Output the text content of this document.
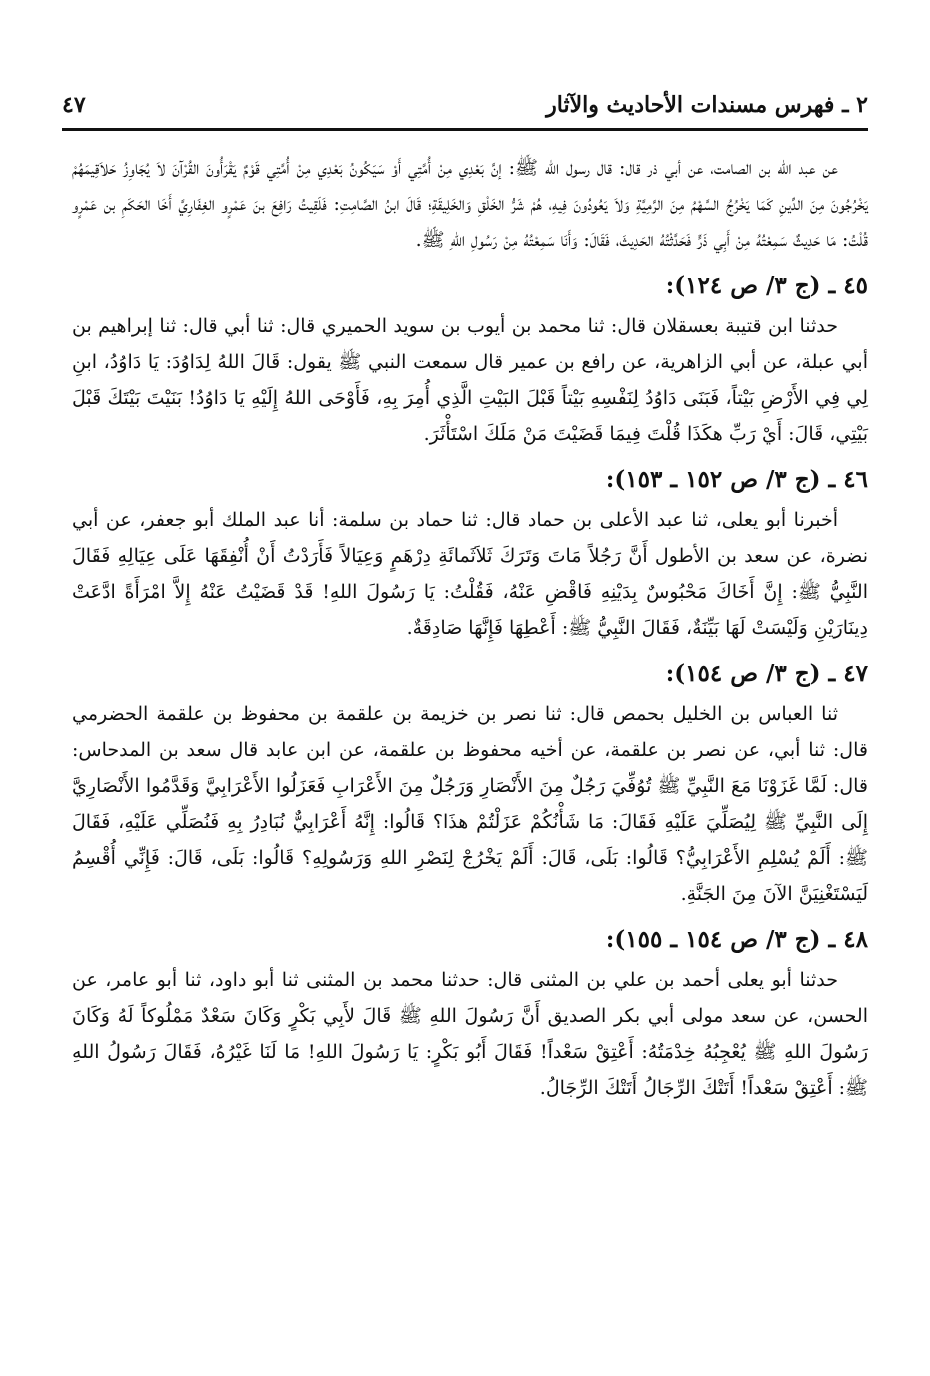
٢ ـ فهرس مسندات الأحاديث والآثار
٤٧

عن عبد الله بن الصامت، عن أبي ذر قال: قال رسول الله ﷺ: إنَّ بَعْدِي مِنْ أُمَّتِي أَوْ سَيَكُونُ بَعْدِي مِنْ أُمَّتِي قَوْمٌ يَقْرَأُونَ القُرْآنَ لاَ يُجَاوِزُ حَلاَقِيمَهُمْ يَخْرُجُونَ مِنَ الدِّينِ كَمَا يَخْرُجُ السَّهْمُ مِنَ الرَّمِيَّةِ وَلاَ يَعُودُونَ فِيهِ، هُمْ شَرُّ الخَلْقِ وَالخَلِيقَةِ؛ قَالَ ابنُ الصَّامِتِ: فَلَقِيتُ رَافِعَ بنَ عَمْرٍو الغِفَارِيَّ أَخَا الحَكَمِ بن عَمْرٍو قُلْتُ: مَا حَدِيثٌ سَمِعْتُهُ مِنْ أَبِي ذَرٍّ فَحَدَّثْتُهُ الحَدِيثَ، فَقَالَ: وَأَنَا سَمِعْتُهُ مِنْ رَسُولِ اللهِ ﷺ.

٤٥ ـ (ج ٣/ ص ١٢٤):

حدثنا ابن قتيبة بعسقلان قال: ثنا محمد بن أيوب بن سويد الحميري قال: ثنا أبي قال: ثنا إبراهيم بن أبي عبلة، عن أبي الزاهرية، عن رافع بن عمير قال سمعت النبي ﷺ يقول: قَالَ اللهُ لِدَاوُدَ: يَا دَاوُدُ، ابنِ لِي فِي الأَرْضِ بَيْتاً، فَبَنَى دَاوُدُ لِنَفْسِهِ بَيْتاً قَبْلَ البَيْتِ الَّذِي أُمِرَ بِهِ، فَأَوْحَى اللهُ إِلَيْهِ يَا دَاوُدُ! بَنَيْتَ بَيْتَكَ قَبْلَ بَيْتِي، قَالَ: أَيْ رَبِّ هكَذَا قُلْتَ فِيمَا قَضَيْتَ مَنْ مَلَكَ اسْتَأْثَرَ.

٤٦ ـ (ج ٣/ ص ١٥٢ ـ ١٥٣):

أخبرنا أبو يعلى، ثنا عبد الأعلى بن حماد قال: ثنا حماد بن سلمة: أنا عبد الملك أبو جعفر، عن أبي نضرة، عن سعد بن الأطول أَنَّ رَجُلاً مَاتَ وَتَرَكَ ثَلاَثَمائَةِ دِرْهَمٍ وَعِيَالاً فَأَرَدْتُ أَنْ أُنْفِقَهَا عَلَى عِيَالِهِ فَقَالَ النَّبِيُّ ﷺ: إِنَّ أَخَاكَ مَحْبُوسٌ بِدَيْنِهِ فَاقْضِ عَنْهُ، فَقُلْتُ: يَا رَسُولَ اللهِ! قَدْ قَضَيْتُ عَنْهُ إِلاَّ امْرَأَةً ادَّعَتْ دِينَارَيْنِ وَلَيْسَتْ لَهَا بَيِّنَةٌ، فَقَالَ النَّبِيُّ ﷺ: أَعْطِهَا فَإِنَّهَا صَادِقَةٌ.

٤٧ ـ (ج ٣/ ص ١٥٤):

ثنا العباس بن الخليل بحمص قال: ثنا نصر بن خزيمة بن علقمة بن محفوظ بن علقمة الحضرمي قال: ثنا أبي، عن نصر بن علقمة، عن أخيه محفوظ بن علقمة، عن ابن عابد قال سعد بن المدحاس: قال: لَمَّا غَزَوْنَا مَعَ النَّبِيِّ ﷺ تُوُفِّيَ رَجُلٌ مِنَ الأَنْصَارِ وَرَجُلٌ مِنَ الأَعْرَابِ فَعَزَلُوا الأَعْرَابِيَّ وَقَدَّمُوا الأَنْصَارِيَّ إِلَى النَّبِيِّ ﷺ لِيُصَلِّيَ عَلَيْهِ فَقَالَ: مَا شَأْنُكُمْ عَزَلْتُمْ هذَا؟ قَالُوا: إِنَّهُ أَعْرَابِيٌّ نُبَادِرُ بِهِ فَنُصَلِّي عَلَيْهِ، فَقَالَ ﷺ: أَلَمْ يُسْلِمِ الأَعْرَابِيُّ؟ قَالُوا: بَلَى، قَالَ: أَلَمْ يَخْرُجْ لِنَصْرِ اللهِ وَرَسُولِهِ؟ قَالُوا: بَلَى، قَالَ: فَإِنِّي أُقْسِمُ لَيَسْتَغْنِيَنَّ الآنَ مِنَ الجَنَّةِ.

٤٨ ـ (ج ٣/ ص ١٥٤ ـ ١٥٥):

حدثنا أبو يعلى أحمد بن علي بن المثنى قال: حدثنا محمد بن المثنى ثنا أبو داود، ثنا أبو عامر، عن الحسن، عن سعد مولى أبي بكر الصديق أَنَّ رَسُولَ اللهِ ﷺ قَالَ لأَبِي بَكْرٍ وَكَانَ سَعْدٌ مَمْلُوكاً لَهُ وَكَانَ رَسُولَ اللهِ ﷺ يُعْجِبُهُ خِدْمَتُهُ: أَعْتِقْ سَعْداً! فَقَالَ أَبُو بَكْرٍ: يَا رَسُولَ اللهِ! مَا لَنَا غَيْرُهُ، فَقَالَ رَسُولُ اللهِ ﷺ: أَعْتِقْ سَعْداً! أَتَتْكَ الرِّجَالُ أَتَتْكَ الرِّجَالُ.
